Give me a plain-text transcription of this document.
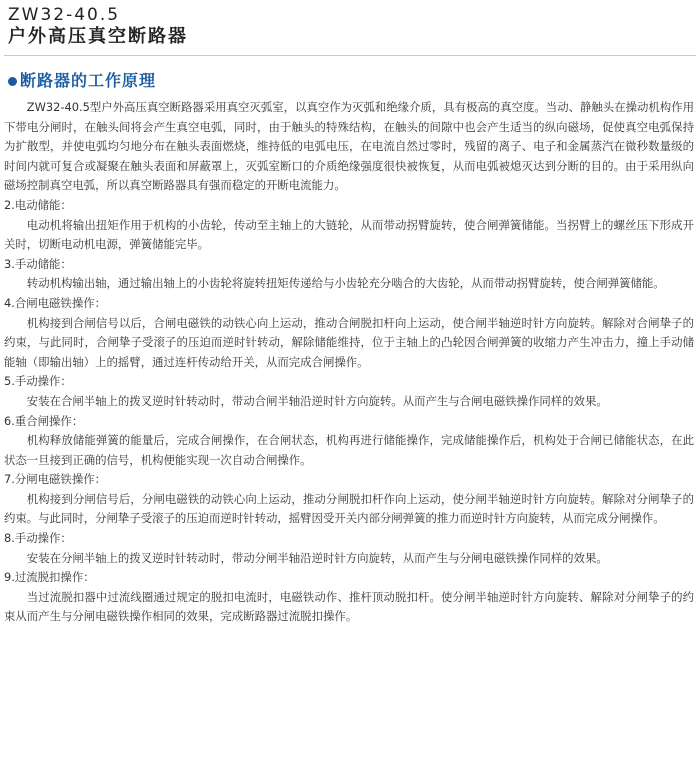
ZW32-40.5
户外高压真空断路器
断路器的工作原理

ZW32-40.5型户外高压真空断路器采用真空灭弧室，以真空作为灭弧和绝缘介质，具有极高的真空度。当动、静触头在操动机构作用下带电分闸时，在触头间将会产生真空电弧，同时，由于触头的特殊结构，在触头的间隙中也会产生适当的纵向磁场，促使真空电弧保持为扩散型，并使电弧均匀地分布在触头表面燃烧，维持低的电弧电压，在电流自然过零时，残留的离子、电子和金属蒸汽在微秒数量级的时间内就可复合或凝聚在触头表面和屏蔽罩上，灭弧室断口的介质绝缘强度很快被恢复，从而电弧被熄灭达到分断的目的。由于采用纵向磁场控制真空电弧，所以真空断路器具有强而稳定的开断电流能力。

2.电动储能：

电动机将输出扭矩作用于机构的小齿轮，传动至主轴上的大链轮，从而带动拐臂旋转，使合闸弹簧储能。当拐臂上的螺丝压下形成开关时，切断电动机电源，弹簧储能完毕。

3.手动储能：

转动机构输出轴，通过输出轴上的小齿轮将旋转扭矩传递给与小齿轮充分啮合的大齿轮，从而带动拐臂旋转，使合闸弹簧储能。

4.合闸电磁铁操作：

机构接到合闸信号以后，合闸电磁铁的动铁心向上运动，推动合闸脱扣杆向上运动，使合闸半轴逆时针方向旋转。解除对合闸挚子的约束，与此同时，合闸挚子受滚子的压迫而逆时针转动，解除储能维持，位于主轴上的凸轮因合闸弹簧的收缩力产生冲击力，撞上手动储能轴（即输出轴）上的摇臂，通过连杆传动给开关，从而完成合闸操作。

5.手动操作：

安装在合闸半轴上的拨叉逆时针转动时，带动合闸半轴沿逆时针方向旋转。从而产生与合闸电磁铁操作同样的效果。

6.重合闸操作：

机构释放储能弹簧的能量后，完成合闸操作，在合闸状态，机构再进行储能操作，完成储能操作后，机构处于合闸已储能状态，在此状态一旦接到正确的信号，机构便能实现一次自动合闸操作。

7.分闸电磁铁操作：

机构接到分闸信号后，分闸电磁铁的动铁心向上运动，推动分闸脱扣杆作向上运动，使分闸半轴逆时针方向旋转。解除对分闸挚子的约束。与此同时，分闸挚子受滚子的压迫而逆时针转动，摇臂因受开关内部分闸弹簧的推力而逆时针方向旋转，从而完成分闸操作。

8.手动操作：

安装在分闸半轴上的拨叉逆时针转动时，带动分闸半轴沿逆时针方向旋转，从而产生与分闸电磁铁操作同样的效果。

9.过流脱扣操作：

当过流脱扣器中过流线圈通过规定的脱扣电流时，电磁铁动作、推杆顶动脱扣杆。使分闸半轴逆时针方向旋转、解除对分闸挚子的约束从而产生与分闸电磁铁操作相同的效果，完成断路器过流脱扣操作。
